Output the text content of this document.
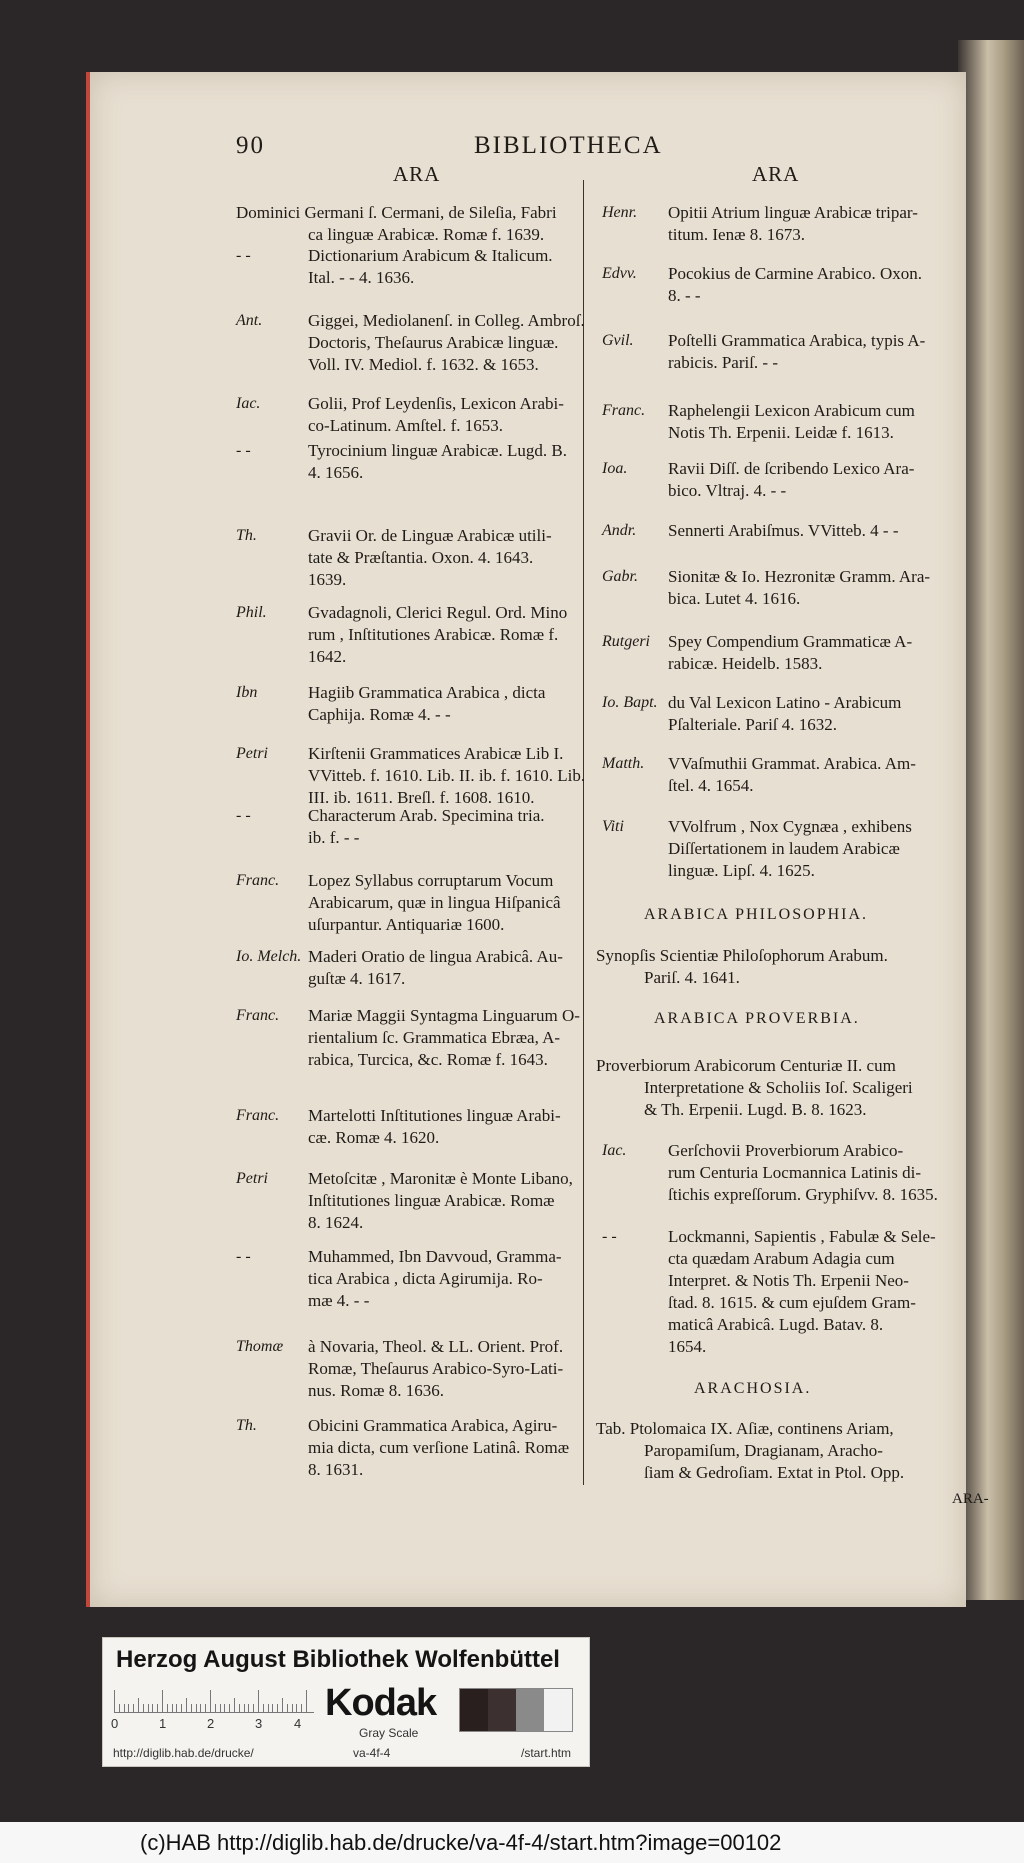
90	BIBLIOTHECA
ARA	ARA
ARA-
Herzog August Bibliothek Wolfenbüttel
0	1	2	3 4 Kodak
Gray Scale
http://diglib.hab.de/drucke/	va-4f-4	/start.htm
(c)HAB http://diglib.hab.de/drucke/va-4f-4/start.htm?image=00102
Dominici Germani ſ. Cermani, de Sileſia, Fabri
ca linguæ Arabicæ. Romæ f. 1639.
- -	Dictionarium Arabicum & Italicum.
Ital. - - 4. 1636.
Ant.	Giggei, Mediolanenſ. in Colleg. Ambroſ.
Doctoris, Theſaurus Arabicæ linguæ.
Voll. IV. Mediol. f. 1632. & 1653.
Iac.	Golii, Prof Leydenſis, Lexicon Arabi-
co-Latinum. Amſtel. f. 1653.
- -	Tyrocinium linguæ Arabicæ. Lugd. B.
4. 1656.
Th.	Gravii Or. de Linguæ Arabicæ utili-
tate & Præſtantia. Oxon. 4. 1643.
1639.
Phil. Gvadagnoli, Clerici Regul. Ord. Mino
rum , Inſtitutiones Arabicæ. Romæ f.
1642.
Ibn	Hagiib Grammatica Arabica , dicta
Caphija. Romæ 4. - -
Petri Kirſtenii Grammatices Arabicæ Lib I.
VVitteb. f. 1610. Lib. II. ib. f. 1610. Lib.
III. ib. 1611. Breſl. f. 1608. 1610.
- -	Characterum Arab. Specimina tria.
ib. f. - -
Franc. Lopez Syllabus corruptarum Vocum
Arabicarum, quæ in lingua Hiſpanicâ
uſurpantur. Antiquariæ 1600.
Io. Melch. Maderi Oratio de lingua Arabicâ. Au-
guſtæ 4. 1617.
Franc. Mariæ Maggii Syntagma Linguarum O-
rientalium ſc. Grammatica Ebræa, A-
rabica, Turcica, &c. Romæ f. 1643.
Franc. Martelotti Inſtitutiones linguæ Arabi-
cæ. Romæ 4. 1620.
Petri Metoſcitæ , Maronitæ è Monte Libano,
Inſtitutiones linguæ Arabicæ. Romæ
8. 1624.
- -	Muhammed, Ibn Davvoud, Gramma-
tica Arabica , dicta Agirumija. Ro-
mæ 4. - -
Thomæ à Novaria, Theol. & LL. Orient. Prof.
Romæ, Theſaurus Arabico-Syro-Lati-
nus. Romæ 8. 1636.
Th.	Obicini Grammatica Arabica, Agiru-
mia dicta, cum verſione Latinâ. Romæ
8. 1631.
Henr. Opitii Atrium linguæ Arabicæ tripar-
titum. Ienæ 8. 1673.
Edvv. Pocokius de Carmine Arabico. Oxon.
8. - -
Gvil. Poſtelli Grammatica Arabica, typis A-
rabicis. Pariſ. - -
Franc. Raphelengii Lexicon Arabicum cum
Notis Th. Erpenii. Leidæ f. 1613.
Ioa. Ravii Diſſ. de ſcribendo Lexico Ara-
bico. Vltraj. 4. - -
Andr. Sennerti Arabiſmus. VVitteb. 4 - -
Gabr. Sionitæ & Io. Hezronitæ Gramm. Ara-
bica. Lutet 4. 1616.
Rutgeri Spey Compendium Grammaticæ A-
rabicæ. Heidelb. 1583.
Io. Bapt. du Val Lexicon Latino - Arabicum
Pſalteriale. Pariſ 4. 1632.
Matth. VVaſmuthii Grammat. Arabica. Am-
ſtel. 4. 1654.
Viti	VVolfrum , Nox Cygnæa , exhibens
Diſſertationem in laudem Arabicæ
linguæ. Lipſ. 4. 1625.
ARABICA PHILOSOPHIA.
Synopſis Scientiæ Philoſophorum Arabum.
Pariſ. 4. 1641.
ARABICA PROVERBIA.
Proverbiorum Arabicorum Centuriæ II. cum
Interpretatione & Scholiis Ioſ. Scaligeri
& Th. Erpenii. Lugd. B. 8. 1623.
Iac. Gerſchovii Proverbiorum Arabico-
rum Centuria Locmannica Latinis di-
ſtichis expreſſorum. Gryphiſvv. 8. 1635.
- -	Lockmanni, Sapientis , Fabulæ & Sele-
cta quædam Arabum Adagia cum
Interpret. & Notis Th. Erpenii Neo-
ſtad. 8. 1615. & cum ejuſdem Gram-
maticâ Arabicâ. Lugd. Batav. 8.
1654.
ARACHOSIA.
Tab. Ptolomaica IX. Aſiæ, continens Ariam,
Paropamiſum, Dragianam, Aracho-
ſiam & Gedroſiam. Extat in Ptol. Opp.
